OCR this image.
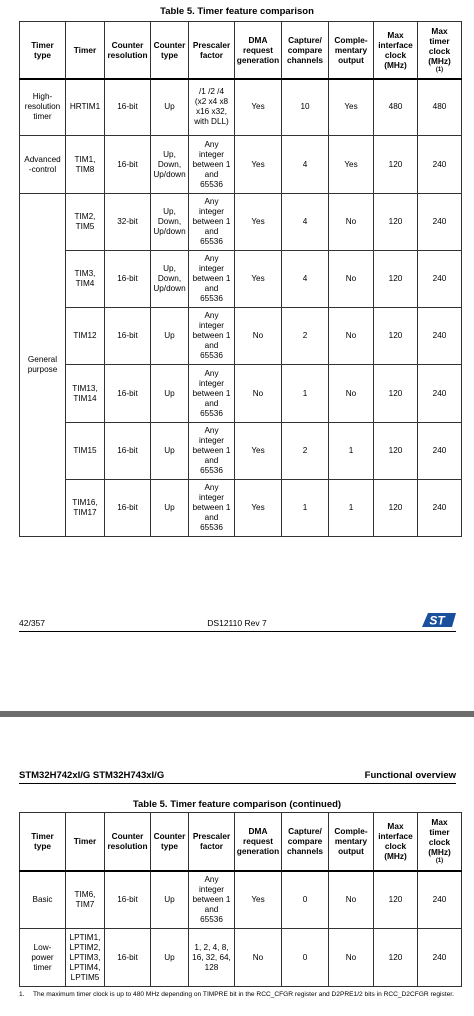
Table 5. Timer feature comparison
Timer
type	Timer	Counter
resolution	Counter
type	Prescaler
factor	DMA
request
generation	Capture/
compare
channels	Comple-
mentary
output	Max
interface
clock
(MHz)	Max
timer
clock
(MHz)
(1)

High-
resolution
timer	HRTIM1	16-bit	Up	/1 /2 /4
(x2 x4 x8
x16 x32,
with DLL)	Yes	10	Yes	480	480
Advanced
-control	TIM1,
TIM8	16-bit	Up,
Down,
Up/down	Any
integer
between 1
and
65536	Yes	4	Yes	120	240
General
purpose	TIM2,
TIM5	32-bit	Up,
Down,
Up/down	Any
integer
between 1
and
65536	Yes	4	No	120	240
	TIM3,
TIM4	16-bit	Up,
Down,
Up/down	Any
integer
between 1
and
65536	Yes	4	No	120	240
	TIM12	16-bit	Up	Any
integer
between 1
and
65536	No	2	No	120	240
	TIM13,
TIM14	16-bit	Up	Any
integer
between 1
and
65536	No	1	No	120	240
	TIM15	16-bit	Up	Any
integer
between 1
and
65536	Yes	2	1	120	240
	TIM16,
TIM17	16-bit	Up	Any
integer
between 1
and
65536	Yes	1	1	120	240
42/357	DS12110 Rev 7	ST
STM32H742xI/G STM32H743xI/G	Functional overview
Table 5. Timer feature comparison (continued)
Timer
type	Timer	Counter
resolution	Counter
type	Prescaler
factor	DMA
request
generation	Capture/
compare
channels	Comple-
mentary
output	Max
interface
clock
(MHz)	Max
timer
clock
(MHz)
(1)

Basic	TIM6,
TIM7	16-bit	Up	Any
integer
between 1
and
65536	Yes	0	No	120	240
Low-
power
timer	LPTIM1,
LPTIM2,
LPTIM3,
LPTIM4,
LPTIM5	16-bit	Up	1, 2, 4, 8,
16, 32, 64,
128	No	0	No	120	240
1. The maximum timer clock is up to 480 MHz depending on TIMPRE bit in the RCC_CFGR register and D2PRE1/2 bits in RCC_D2CFGR register.
